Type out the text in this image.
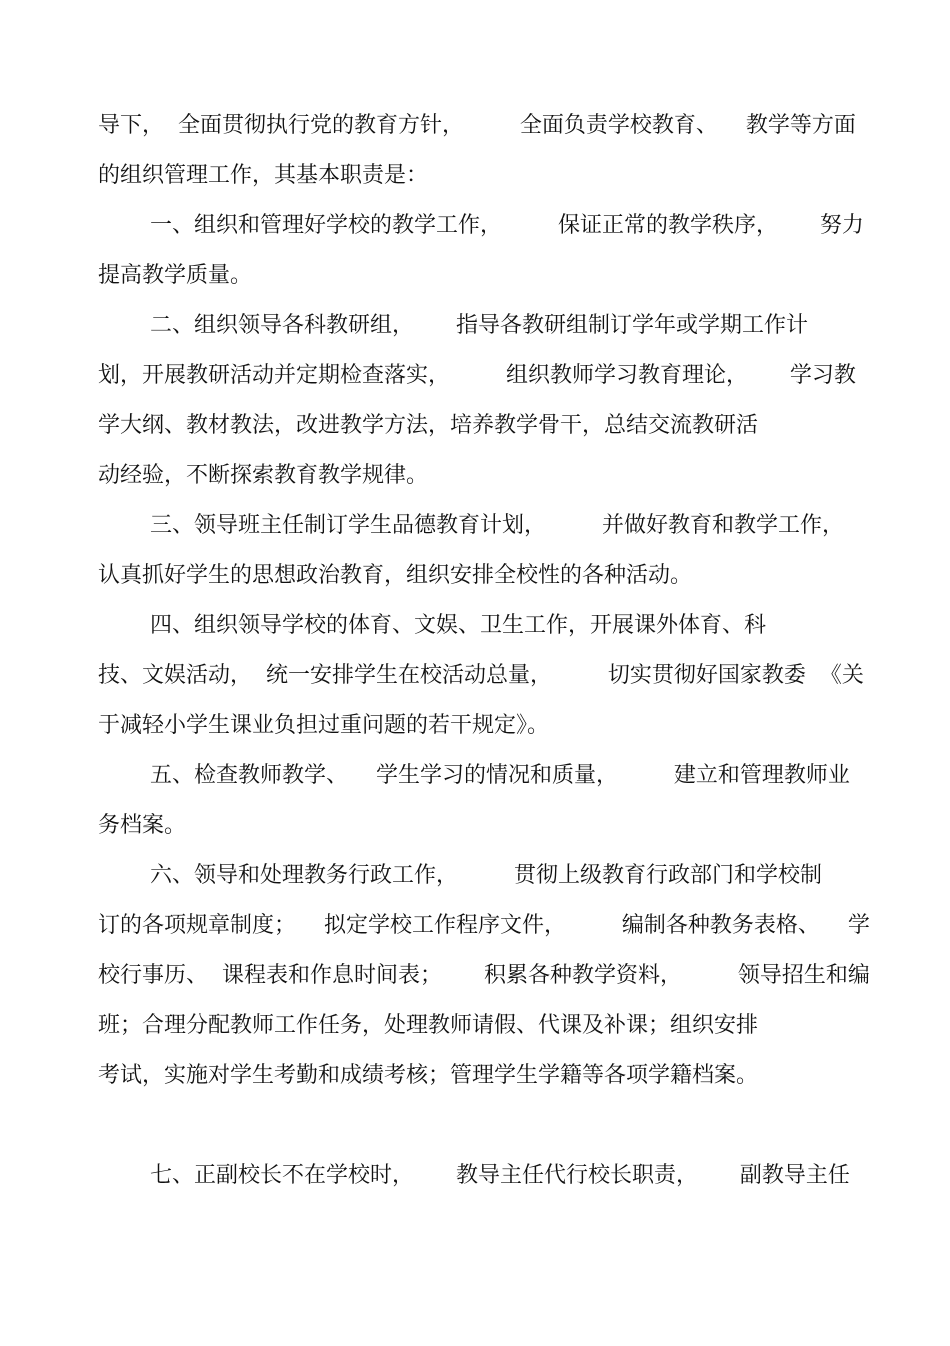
导下，  全面贯彻执行党的教育方针，        全面负责学校教育、    教学等方面
的组织管理工作，其基本职责是：
一、组织和管理好学校的教学工作，        保证正常的教学秩序，      努力
提高教学质量。
二、组织领导各科教研组，      指导各教研组制订学年或学期工作计
划，开展教研活动并定期检查落实，        组织教师学习教育理论，      学习教
学大纲、教材教法，改进教学方法，培养教学骨干，总结交流教研活
动经验，不断探索教育教学规律。
三、领导班主任制订学生品德教育计划，        并做好教育和教学工作，
认真抓好学生的思想政治教育，组织安排全校性的各种活动。
四、组织领导学校的体育、文娱、卫生工作，开展课外体育、科
技、文娱活动，  统一安排学生在校活动总量，        切实贯彻好国家教委  《关
于减轻小学生课业负担过重问题的若干规定》。
五、检查教师教学、    学生学习的情况和质量，        建立和管理教师业
务档案。
六、领导和处理教务行政工作，        贯彻上级教育行政部门和学校制
订的各项规章制度；    拟定学校工作程序文件，        编制各种教务表格、    学
校行事历、  课程表和作息时间表；      积累各种教学资料，        领导招生和编
班；合理分配教师工作任务，处理教师请假、代课及补课；组织安排
考试，实施对学生考勤和成绩考核；管理学生学籍等各项学籍档案。
七、正副校长不在学校时，      教导主任代行校长职责，      副教导主任
